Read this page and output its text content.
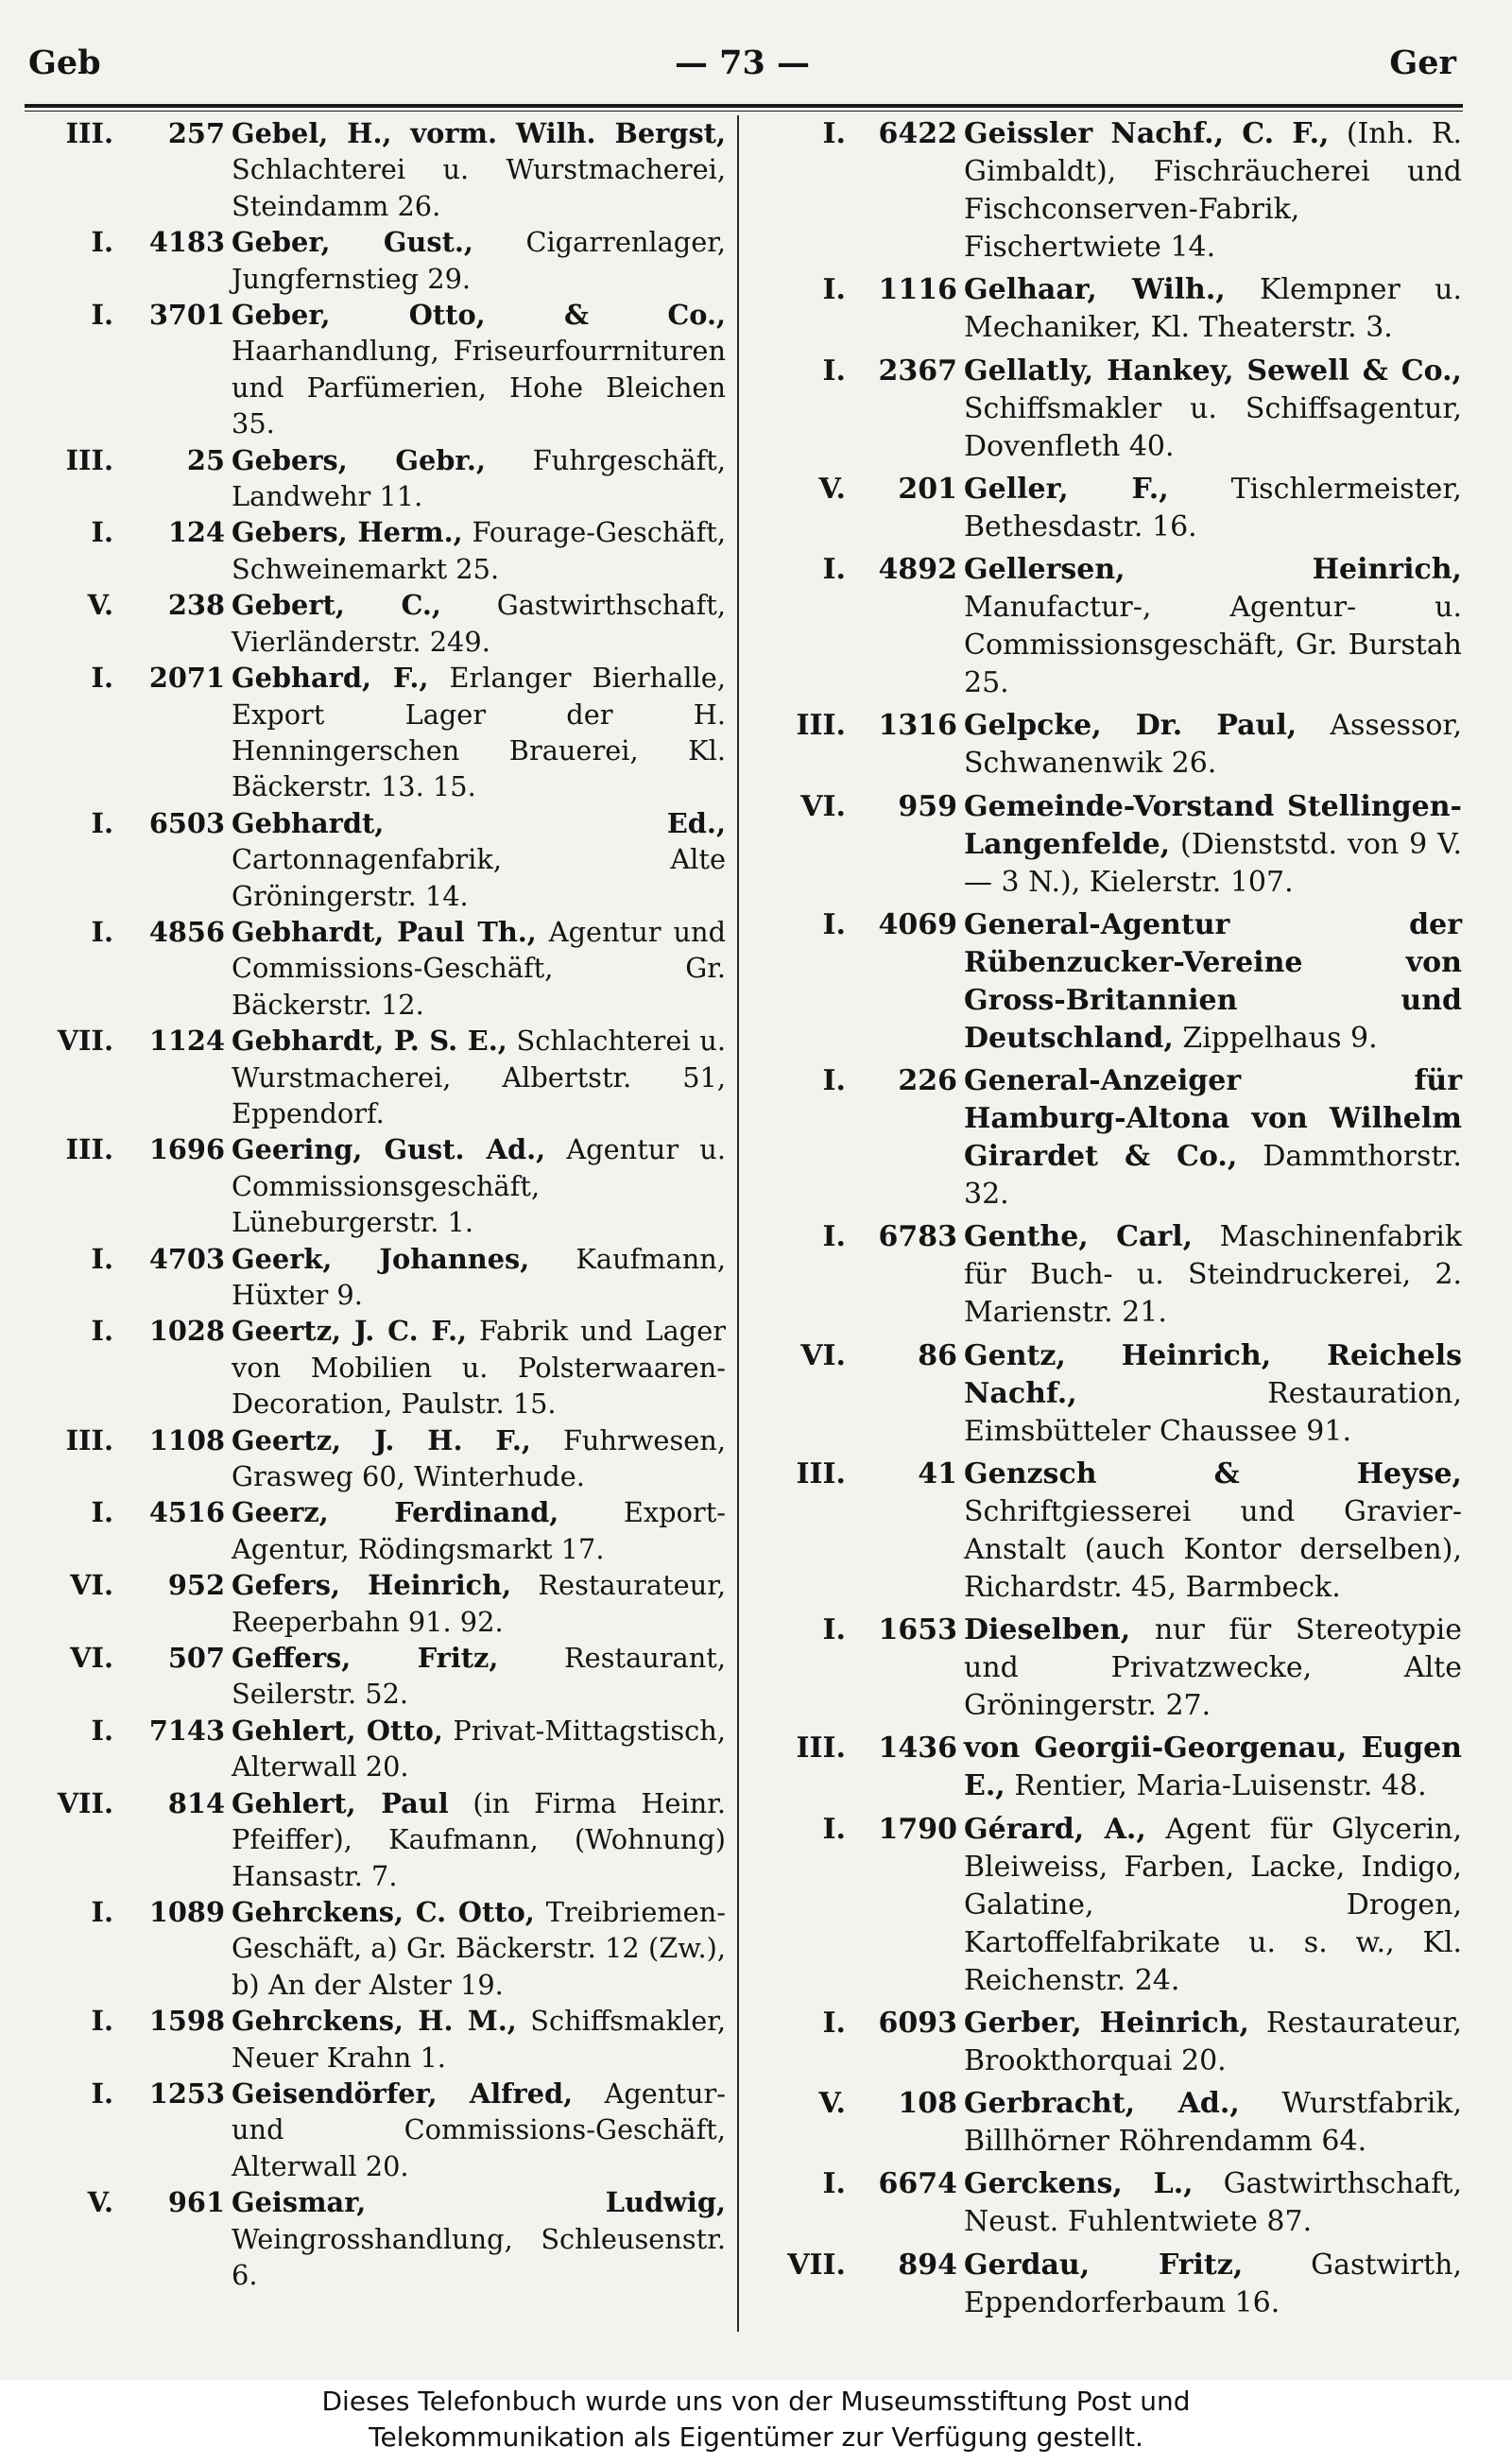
Geb	— 73 —	Ger
III.	257 Gebel, H., vorm. Wilh. Bergst, Schlachterei u. Wurstmacherei, Steindamm 26.
I.	4183 Geber, Gust., Cigarrenlager, Jungfernstieg 29.
I.	3701 Geber, Otto, & Co., Haarhandlung, Friseurfourrnituren und Parfümerien, Hohe Bleichen 35.
III.	25 Gebers, Gebr., Fuhrgeschäft, Landwehr 11.
I.	124 Gebers, Herm., Fourage-Geschäft, Schweinemarkt 25.
V.	238 Gebert, C., Gastwirthschaft, Vierländerstr. 249.
I.	2071 Gebhard, F., Erlanger Bierhalle, Export Lager der H. Henningerschen Brauerei, Kl. Bäckerstr. 13. 15.
I.	6503 Gebhardt, Ed., Cartonnagenfabrik, Alte Gröningerstr. 14.
I.	4856 Gebhardt, Paul Th., Agentur und Commissions-Geschäft, Gr. Bäckerstr. 12.
VII.	1124 Gebhardt, P. S. E., Schlachterei u. Wurstmacherei, Albertstr. 51, Eppendorf.
III.	1696 Geering, Gust. Ad., Agentur u. Commissionsgeschäft, Lüneburgerstr. 1.
I.	4703 Geerk, Johannes, Kaufmann, Hüxter 9.
I.	1028 Geertz, J. C. F., Fabrik und Lager von Mobilien u. Polsterwaaren-Decoration, Paulstr. 15.
III.	1108 Geertz, J. H. F., Fuhrwesen, Grasweg 60, Winterhude.
I.	4516 Geerz, Ferdinand, Export-Agentur, Rödingsmarkt 17.
VI.	952 Gefers, Heinrich, Restaurateur, Reeperbahn 91. 92.
VI.	507 Geffers, Fritz, Restaurant, Seilerstr. 52.
I.	7143 Gehlert, Otto, Privat-Mittagstisch, Alterwall 20.
VII.	814 Gehlert, Paul (in Firma Heinr. Pfeiffer), Kaufmann, (Wohnung) Hansastr. 7.
I.	1089 Gehrckens, C. Otto, Treibriemen-Geschäft, a) Gr. Bäckerstr. 12 (Zw.), b) An der Alster 19.
I.	1598 Gehrckens, H. M., Schiffsmakler, Neuer Krahn 1.
I.	1253 Geisendörfer, Alfred, Agentur- und Commissions-Geschäft, Alterwall 20.
V.	961 Geismar, Ludwig, Weingrosshandlung, Schleusenstr. 6.
I.	6422 Geissler Nachf., C. F., (Inh. R. Gimbaldt), Fischräucherei und Fischconserven-Fabrik, Fischertwiete 14.
I.	1116 Gelhaar, Wilh., Klempner u. Mechaniker, Kl. Theaterstr. 3.
I.	2367 Gellatly, Hankey, Sewell & Co., Schiffsmakler u. Schiffsagentur, Dovenfleth 40.
V.	201 Geller, F., Tischlermeister, Bethesdastr. 16.
I.	4892 Gellersen, Heinrich, Manufactur-, Agentur- u. Commissionsgeschäft, Gr. Burstah 25.
III.	1316 Gelpcke, Dr. Paul, Assessor, Schwanenwik 26.
VI.	959 Gemeinde-Vorstand Stellingen-Langenfelde, (Dienststd. von 9 V. — 3 N.), Kielerstr. 107.
I.	4069 General-Agentur der Rübenzucker-Vereine von Gross-Britannien und Deutschland, Zippelhaus 9.
I.	226 General-Anzeiger für Hamburg-Altona von Wilhelm Girardet & Co., Dammthorstr. 32.
I.	6783 Genthe, Carl, Maschinenfabrik für Buch- u. Steindruckerei, 2. Marienstr. 21.
VI.	86 Gentz, Heinrich, Reichels Nachf.,	Restauration, Eimsbütteler Chaussee 91.
III.	41 Genzsch & Heyse, Schriftgiesserei und Gravier-Anstalt (auch Kontor derselben), Richardstr. 45, Barmbeck.
I.	1653 Dieselben, nur für Stereotypie und Privatzwecke, Alte Gröningerstr. 27.
III.	1436 von Georgii-Georgenau, Eugen E., Rentier, Maria-Luisenstr. 48.
I.	1790 Gérard, A., Agent für Glycerin, Bleiweiss, Farben, Lacke, Indigo, Galatine, Drogen, Kartoffelfabrikate u. s. w., Kl. Reichenstr. 24.
I.	6093 Gerber, Heinrich, Restaurateur, Brookthorquai 20.
V.	108 Gerbracht, Ad., Wurstfabrik, Billhörner Röhrendamm 64.
I.	6674 Gerckens, L., Gastwirthschaft, Neust. Fuhlentwiete 87.
VII.	894 Gerdau, Fritz, Gastwirth, Eppendorferbaum 16.
Dieses Telefonbuch wurde uns von der Museumsstiftung Post und
Telekommunikation als Eigentümer zur Verfügung gestellt.
